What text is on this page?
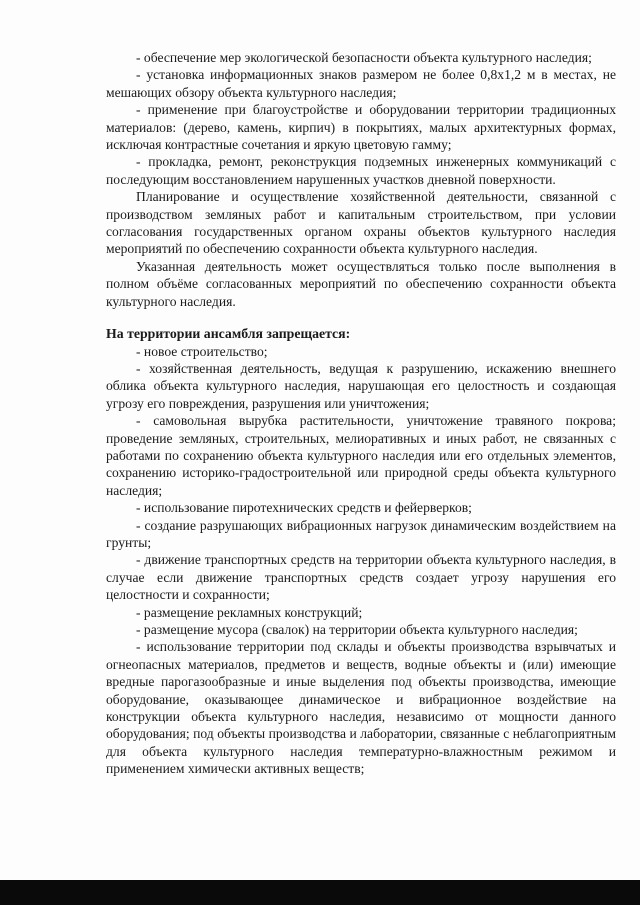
- обеспечение мер экологической безопасности объекта культурного наследия;

- установка информационных знаков размером не более 0,8х1,2 м в местах, не мешающих обзору объекта культурного наследия;

- применение при благоустройстве и оборудовании территории традиционных материалов: (дерево, камень, кирпич) в покрытиях, малых архитектурных формах, исключая контрастные сочетания и яркую цветовую гамму;

- прокладка, ремонт, реконструкция подземных инженерных коммуникаций с последующим восстановлением нарушенных участков дневной поверхности.

Планирование и осуществление хозяйственной деятельности, связанной с производством земляных работ и капитальным строительством, при условии согласования государственных органом охраны объектов культурного наследия мероприятий по обеспечению сохранности объекта культурного наследия.

Указанная деятельность может осуществляться только после выполнения в полном объёме согласованных мероприятий по обеспечению сохранности объекта культурного наследия.

На территории ансамбля запрещается:

- новое строительство;

- хозяйственная деятельность, ведущая к разрушению, искажению внешнего облика объекта культурного наследия, нарушающая его целостность и создающая угрозу его повреждения, разрушения или уничтожения;

- самовольная вырубка растительности, уничтожение травяного покрова; проведение земляных, строительных, мелиоративных и иных работ, не связанных с работами по сохранению объекта культурного наследия или его отдельных элементов, сохранению историко-градостроительной или природной среды объекта культурного наследия;

- использование пиротехнических средств и фейерверков;

- создание разрушающих вибрационных нагрузок динамическим воздействием на грунты;

- движение транспортных средств на территории объекта культурного наследия, в случае если движение транспортных средств создает угрозу нарушения его целостности и сохранности;

- размещение рекламных конструкций;

- размещение мусора (свалок) на территории объекта культурного наследия;

- использование территории под склады и объекты производства взрывчатых и огнеопасных материалов, предметов и веществ, водные объекты и (или) имеющие вредные парогазообразные и иные выделения под объекты производства, имеющие оборудование, оказывающее динамическое и вибрационное воздействие на конструкции объекта культурного наследия, независимо от мощности данного оборудования; под объекты производства и лаборатории, связанные с неблагоприятным для объекта культурного наследия температурно-влажностным режимом и применением химически активных веществ;
